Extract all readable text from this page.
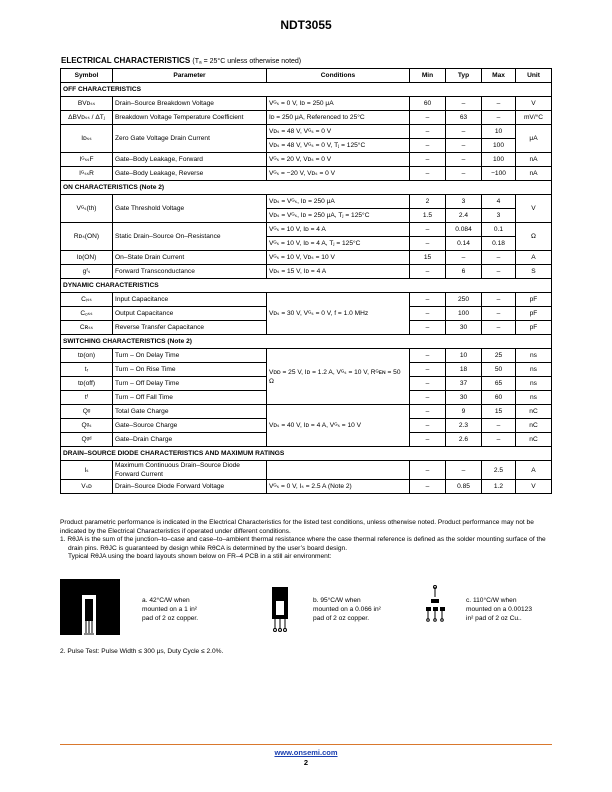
NDT3055
ELECTRICAL CHARACTERISTICS (Tₐ = 25°C unless otherwise noted)
Symbol	Parameter	Conditions	Min	Typ	Max	Unit
OFF CHARACTERISTICS						
BVᴅₛₛ	Drain–Source Breakdown Voltage	Vᴳₛ = 0 V, Iᴅ = 250 μA	60	–	–	V
ΔBVᴅₛₛ / ΔTⱼ	Breakdown Voltage Temperature Coefficient	Iᴅ = 250 μA, Referenced to 25°C	–	63	–	mV/°C
Iᴅₛₛ	Zero Gate Voltage Drain Current	Vᴅₛ = 48 V, Vᴳₛ = 0 V	–	–	10	μA
		Vᴅₛ = 48 V, Vᴳₛ = 0 V, Tⱼ = 125°C	–	–	100	
IᴳₛₛF	Gate–Body Leakage, Forward	Vᴳₛ = 20 V, Vᴅₛ = 0 V	–	–	100	nA
IᴳₛₛR	Gate–Body Leakage, Reverse	Vᴳₛ = −20 V, Vᴅₛ = 0 V	–	–	−100	nA
ON CHARACTERISTICS (Note 2)						
Vᴳₛ(th)	Gate Threshold Voltage	Vᴅₛ = Vᴳₛ, Iᴅ = 250 μA	2	3	4	V
		Vᴅₛ = Vᴳₛ, Iᴅ = 250 μA, Tⱼ = 125°C	1.5	2.4	3	
Rᴅₛ(ON)	Static Drain–Source On–Resistance	Vᴳₛ = 10 V, Iᴅ = 4 A	–	0.084	0.1	Ω
		Vᴳₛ = 10 V, Iᴅ = 4 A, Tⱼ = 125°C	–	0.14	0.18	
Iᴅ(ON)	On–State Drain Current	Vᴳₛ = 10 V, Vᴅₛ = 10 V	15	–	–	A
gᶠₛ	Forward Transconductance	Vᴅₛ = 15 V, Iᴅ = 4 A	–	6	–	S
DYNAMIC CHARACTERISTICS						
Cᵢₛₛ	Input Capacitance	Vᴅₛ = 30 V, Vᴳₛ = 0 V, f = 1.0 MHz	–	250	–	pF
Cₒₛₛ	Output Capacitance		–	100	–	pF
Cʀₛₛ	Reverse Transfer Capacitance		–	30	–	pF
SWITCHING CHARACTERISTICS (Note 2)						
tᴅ(on)	Turn – On Delay Time	Vᴅᴅ = 25 V, Iᴅ = 1.2 A, Vᴳₛ = 10 V, Rᴳᴇɴ = 50 Ω	–	10	25	ns
tᵣ	Turn – On Rise Time		–	18	50	ns
tᴅ(off)	Turn – Off Delay Time		–	37	65	ns
tᶠ	Turn – Off Fall Time		–	30	60	ns
Qᵍ	Total Gate Charge	Vᴅₛ = 40 V, Iᴅ = 4 A, Vᴳₛ = 10 V	–	9	15	nC
Qᵍₛ	Gate–Source Charge		–	2.3	–	nC
Qᵍᵈ	Gate–Drain Charge		–	2.6	–	nC
DRAIN–SOURCE DIODE CHARACTERISTICS AND MAXIMUM RATINGS						
Iₛ	Maximum Continuous Drain–Source Diode Forward Current		–	–	2.5	A
Vₛᴅ	Drain–Source Diode Forward Voltage	Vᴳₛ = 0 V, Iₛ = 2.5 A (Note 2)	–	0.85	1.2	V

Product parametric performance is indicated in the Electrical Characteristics for the listed test conditions, unless otherwise noted. Product performance may not be indicated by the Electrical Characteristics if operated under different conditions.

1. RθJA is the sum of the junction–to–case and case–to–ambient thermal resistance where the case thermal reference is defined as the solder mounting surface of the drain pins. RθJC is guaranteed by design while RθCA is determined by the user’s board design.

Typical RθJA using the board layouts shown below on FR–4 PCB in a still air environment:

a. 42°C/W when
mounted on a 1 in²
pad of 2 oz copper.
b. 95°C/W when
mounted on a 0.066 in²
pad of 2 oz copper.
c. 110°C/W when
mounted on a 0.00123
in² pad of 2 oz Cu..
2. Pulse Test: Pulse Width ≤ 300 μs, Duty Cycle ≤ 2.0%.
www.onsemi.com
2
